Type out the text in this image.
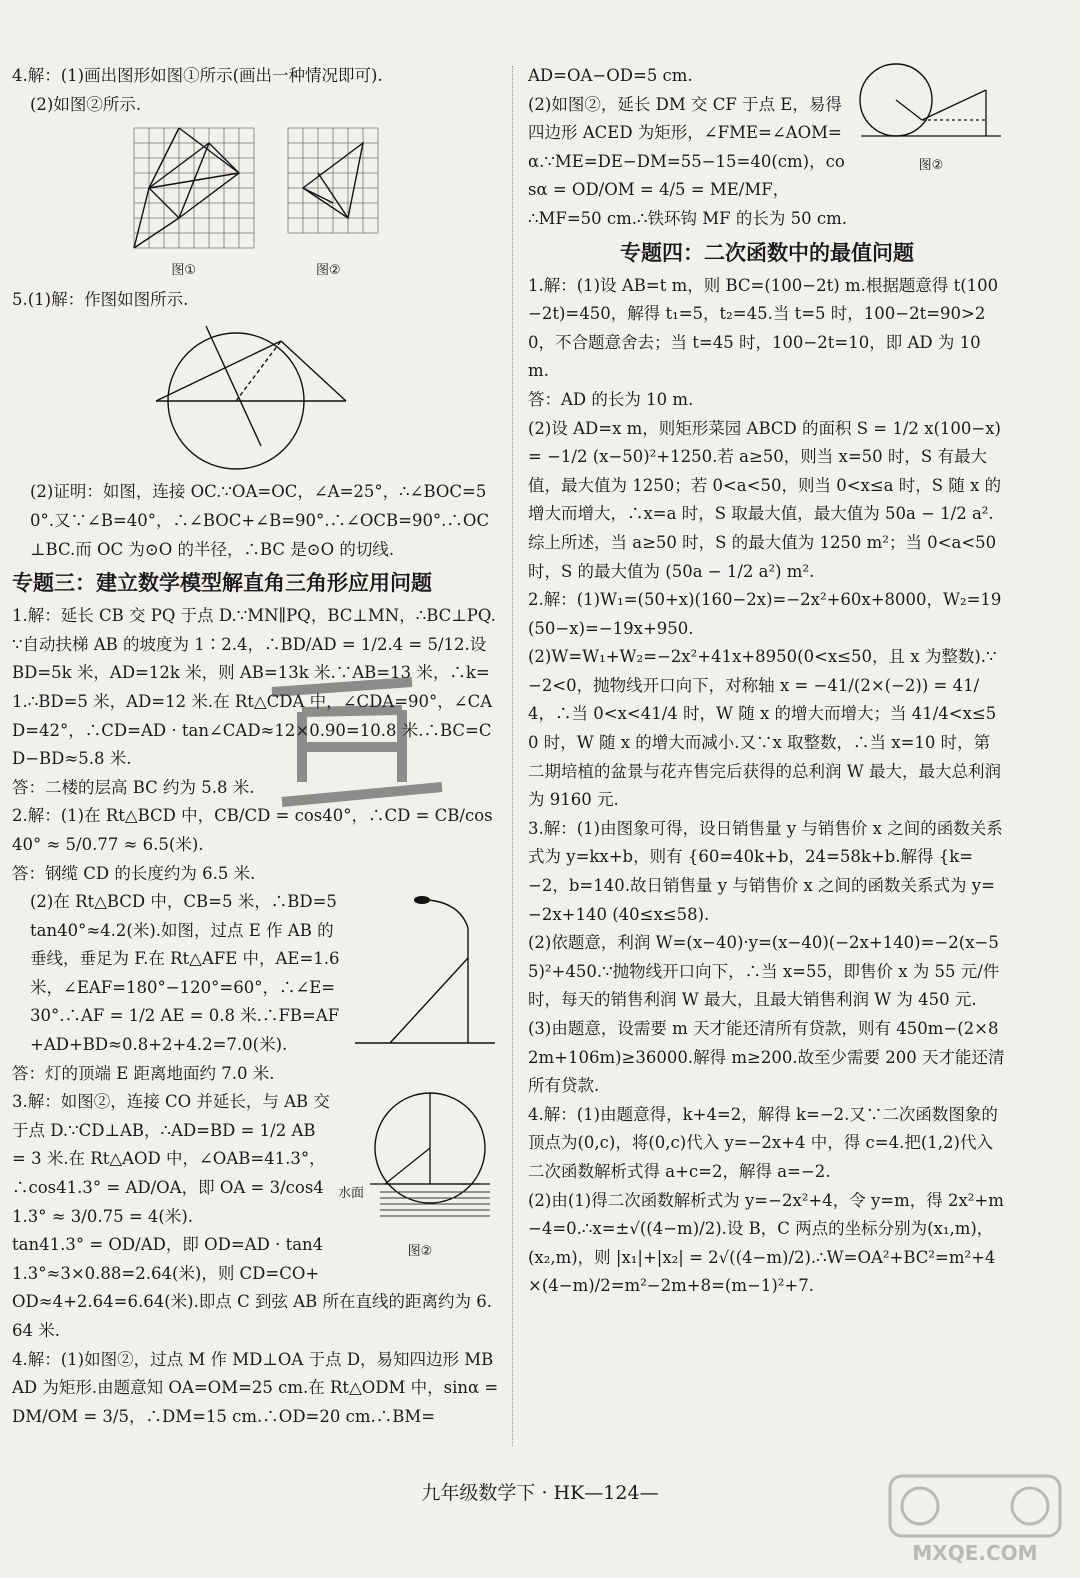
4.解：(1)画出图形如图①所示(画出一种情况即可).

(2)如图②所示.

图①	图②

5.(1)解：作图如图所示.

(2)证明：如图，连接 OC.∵OA=OC，∠A=25°，∴∠BOC=50°.又∵∠B=40°，∴∠BOC+∠B=90°.∴∠OCB=90°.∴OC⊥BC.而 OC 为⊙O 的半径，∴BC 是⊙O 的切线.

专题三：建立数学模型解直角三角形应用问题

1.解：延长 CB 交 PQ 于点 D.∵MN∥PQ，BC⊥MN，∴BC⊥PQ.∵自动扶梯 AB 的坡度为 1∶2.4，∴BD/AD = 1/2.4 = 5/12.设 BD=5k 米，AD=12k 米，则 AB=13k 米.∵AB=13 米，∴k=1.∴BD=5 米，AD=12 米.在 Rt△CDA 中，∠CDA=90°，∠CAD=42°，∴CD=AD · tan∠CAD≈12×0.90=10.8 米.∴BC=CD−BD≈5.8 米.

答：二楼的层高 BC 约为 5.8 米.

2.解：(1)在 Rt△BCD 中，CB/CD = cos40°，∴CD = CB/cos40° ≈ 5/0.77 ≈ 6.5(米).

答：钢缆 CD 的长度约为 6.5 米.

(2)在 Rt△BCD 中，CB=5 米，∴BD=5tan40°≈4.2(米).如图，过点 E 作 AB 的垂线，垂足为 F.在 Rt△AFE 中，AE=1.6 米，∠EAF=180°−120°=60°，∴∠E=30°.∴AF = 1/2 AE = 0.8 米.∴FB=AF+AD+BD≈0.8+2+4.2=7.0(米).

答：灯的顶端 E 距离地面约 7.0 米.

水面
图②

3.解：如图②，连接 CO 并延长，与 AB 交于点 D.∵CD⊥AB，∴AD=BD = 1/2 AB = 3 米.在 Rt△AOD 中，∠OAB=41.3°，∴cos41.3° = AD/OA，即 OA = 3/cos41.3° ≈ 3/0.75 = 4(米).

tan41.3° = OD/AD，即 OD=AD · tan41.3°≈3×0.88=2.64(米)，则 CD=CO+OD≈4+2.64=6.64(米).即点 C 到弦 AB 所在直线的距离约为 6.64 米.

4.解：(1)如图②，过点 M 作 MD⊥OA 于点 D，易知四边形 MBAD 为矩形.由题意知 OA=OM=25 cm.在 Rt△ODM 中，sinα = DM/OM = 3/5，∴DM=15 cm.∴OD=20 cm.∴BM=

图②

AD=OA−OD=5 cm.

(2)如图②，延长 DM 交 CF 于点 E，易得四边形 ACED 为矩形，∠FME=∠AOM=α.∵ME=DE−DM=55−15=40(cm)，cosα = OD/OM = 4/5 = ME/MF，

∴MF=50 cm.∴铁环钩 MF 的长为 50 cm.

专题四：二次函数中的最值问题

1.解：(1)设 AB=t m，则 BC=(100−2t) m.根据题意得 t(100−2t)=450，解得 t₁=5，t₂=45.当 t=5 时，100−2t=90>20，不合题意舍去；当 t=45 时，100−2t=10，即 AD 为 10 m.

答：AD 的长为 10 m.

(2)设 AD=x m，则矩形菜园 ABCD 的面积 S = 1/2 x(100−x) = −1/2 (x−50)²+1250.若 a≥50，则当 x=50 时，S 有最大值，最大值为 1250；若 0<a<50，则当 0<x≤a 时，S 随 x 的增大而增大，∴x=a 时，S 取最大值，最大值为 50a − 1/2 a².综上所述，当 a≥50 时，S 的最大值为 1250 m²；当 0<a<50 时，S 的最大值为 (50a − 1/2 a²) m².

2.解：(1)W₁=(50+x)(160−2x)=−2x²+60x+8000，W₂=19(50−x)=−19x+950.

(2)W=W₁+W₂=−2x²+41x+8950(0<x≤50，且 x 为整数).∵−2<0，抛物线开口向下，对称轴 x = −41/(2×(−2)) = 41/4，∴当 0<x<41/4 时，W 随 x 的增大而增大；当 41/4<x≤50 时，W 随 x 的增大而减小.又∵x 取整数，∴当 x=10 时，第二期培植的盆景与花卉售完后获得的总利润 W 最大，最大总利润为 9160 元.

3.解：(1)由图象可得，设日销售量 y 与销售价 x 之间的函数关系式为 y=kx+b，则有 {60=40k+b，24=58k+b.解得 {k=−2，b=140.故日销售量 y 与销售价 x 之间的函数关系式为 y=−2x+140 (40≤x≤58).

(2)依题意，利润 W=(x−40)·y=(x−40)(−2x+140)=−2(x−55)²+450.∵抛物线开口向下，∴当 x=55，即售价 x 为 55 元/件时，每天的销售利润 W 最大，且最大销售利润 W 为 450 元.

(3)由题意，设需要 m 天才能还清所有贷款，则有 450m−(2×82m+106m)≥36000.解得 m≥200.故至少需要 200 天才能还清所有贷款.

4.解：(1)由题意得，k+4=2，解得 k=−2.又∵二次函数图象的顶点为(0,c)，将(0,c)代入 y=−2x+4 中，得 c=4.把(1,2)代入二次函数解析式得 a+c=2，解得 a=−2.

(2)由(1)得二次函数解析式为 y=−2x²+4，令 y=m，得 2x²+m−4=0.∴x=±√((4−m)/2).设 B，C 两点的坐标分别为(x₁,m)，(x₂,m)，则 |x₁|+|x₂| = 2√((4−m)/2).∴W=OA²+BC²=m²+4×(4−m)/2=m²−2m+8=(m−1)²+7.

九年级数学下 · HK—124—
MXQE.COM
